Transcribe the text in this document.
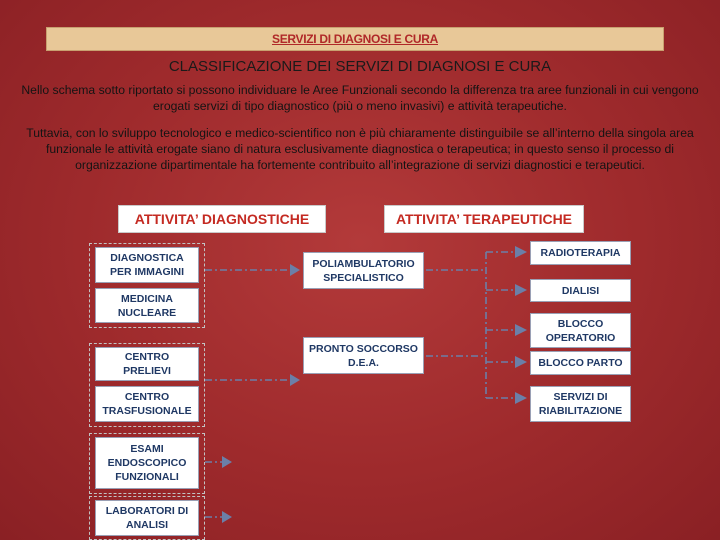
SERVIZI DI DIAGNOSI E CURA
CLASSIFICAZIONE DEI SERVIZI DI DIAGNOSI E CURA

Nello schema sotto riportato si possono individuare le Aree Funzionali secondo la differenza tra aree funzionali in cui vengono erogati servizi di tipo diagnostico (più o meno invasivi) e attività terapeutiche.

Tuttavia, con lo sviluppo tecnologico e medico-scientifico non è più chiaramente distinguibile se all’interno della singola area funzionale le attività erogate siano di natura esclusivamente diagnostica o terapeutica; in questo senso il processo di organizzazione dipartimentale ha fortemente contribuito all’integrazione di servizi diagnostici e terapeutici.

ATTIVITA’ DIAGNOSTICHE	ATTIVITA’ TERAPEUTICHE
DIAGNOSTICA
PER IMMAGINI
MEDICINA
NUCLEARE
CENTRO
PRELIEVI
CENTRO
TRASFUSIONALE
ESAMI
ENDOSCOPICO
FUNZIONALI
LABORATORI DI
ANALISI
POLIAMBULATORIO
SPECIALISTICO
PRONTO SOCCORSO
D.E.A.
RADIOTERAPIA
DIALISI
BLOCCO
OPERATORIO
BLOCCO PARTO
SERVIZI DI
RIABILITAZIONE
